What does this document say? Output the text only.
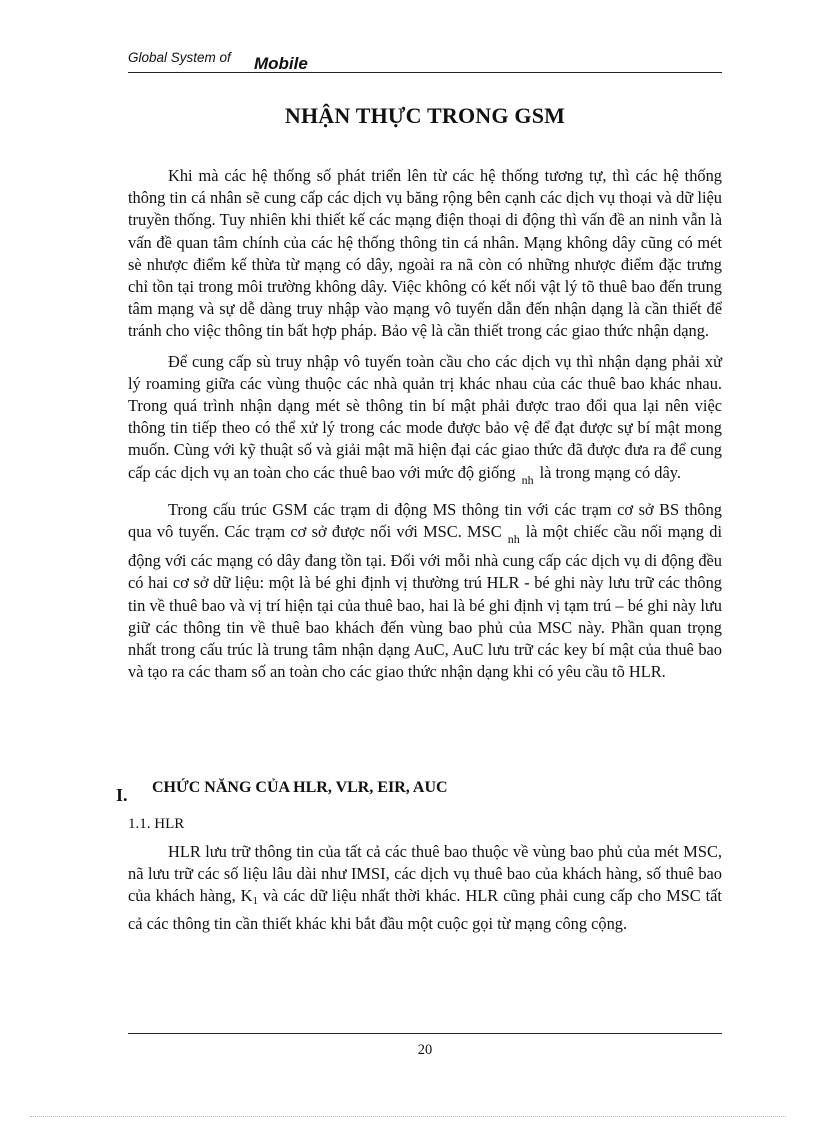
Global System of Mobile
NHẬN THỰC TRONG GSM

Khi mà các hệ thống số phát triển lên từ các hệ thống tương tự, thì các hệ thống thông tin cá nhân sẽ cung cấp các dịch vụ băng rộng bên cạnh các dịch vụ thoại và dữ liệu truyền thống. Tuy nhiên khi thiết kế các mạng điện thoại di động thì vấn đề an ninh vẫn là vấn đề quan tâm chính của các hệ thống thông tin cá nhân. Mạng không dây cũng có mét sè nhược điểm kế thừa từ mạng có dây, ngoài ra nã còn có những nhược điểm đặc trưng chỉ tồn tại trong môi trường không dây. Việc không có kết nối vật lý tõ thuê bao đến trung tâm mạng và sự dễ dàng truy nhập vào mạng vô tuyến dẫn đến nhận dạng là cần thiết để tránh cho việc thông tin bất hợp pháp. Bảo vệ là cần thiết trong các giao thức nhận dạng.

Để cung cấp sù truy nhập vô tuyến toàn cầu cho các dịch vụ thì nhận dạng phải xử lý roaming giữa các vùng thuộc các nhà quản trị khác nhau của các thuê bao khác nhau. Trong quá trình nhận dạng mét sè thông tin bí mật phải được trao đổi qua lại nên việc thông tin tiếp theo có thể xử lý trong các mode được bảo vệ để đạt được sự bí mật mong muốn. Cùng với kỹ thuật số và giải mật mã hiện đại các giao thức đã được đưa ra để cung cấp các dịch vụ an toàn cho các thuê bao với mức độ giống $_{nh}$ là trong mạng có dây.

Trong cấu trúc GSM các trạm di động MS thông tin với các trạm cơ sở BS thông qua vô tuyến. Các trạm cơ sở được nối với MSC. MSC $_{nh}$ là một chiếc cầu nối mạng di động với các mạng có dây đang tồn tại. Đối với mỗi nhà cung cấp các dịch vụ di động đều có hai cơ sở dữ liệu: một là bé ghi định vị thường trú HLR - bé ghi này lưu trữ các thông tin về thuê bao và vị trí hiện tại của thuê bao, hai là bé ghi định vị tạm trú – bé ghi này lưu giữ các thông tin về thuê bao khách đến vùng bao phủ của MSC này. Phần quan trọng nhất trong cấu trúc là trung tâm nhận dạng AuC, AuC lưu trữ các key bí mật của thuê bao và tạo ra các tham số an toàn cho các giao thức nhận dạng khi có yêu cầu tõ HLR.

I. CHỨC NĂNG CỦA HLR, VLR, EIR, AUC
1.1. HLR

HLR lưu trữ thông tin của tất cả các thuê bao thuộc về vùng bao phủ của mét MSC, nã lưu trữ các số liệu lâu dài như IMSI, các dịch vụ thuê bao của khách hàng, số thuê bao của khách hàng, K1 và các dữ liệu nhất thời khác. HLR cũng phải cung cấp cho MSC tất cả các thông tin cần thiết khác khi bắt đầu một cuộc gọi từ mạng công cộng.

20
